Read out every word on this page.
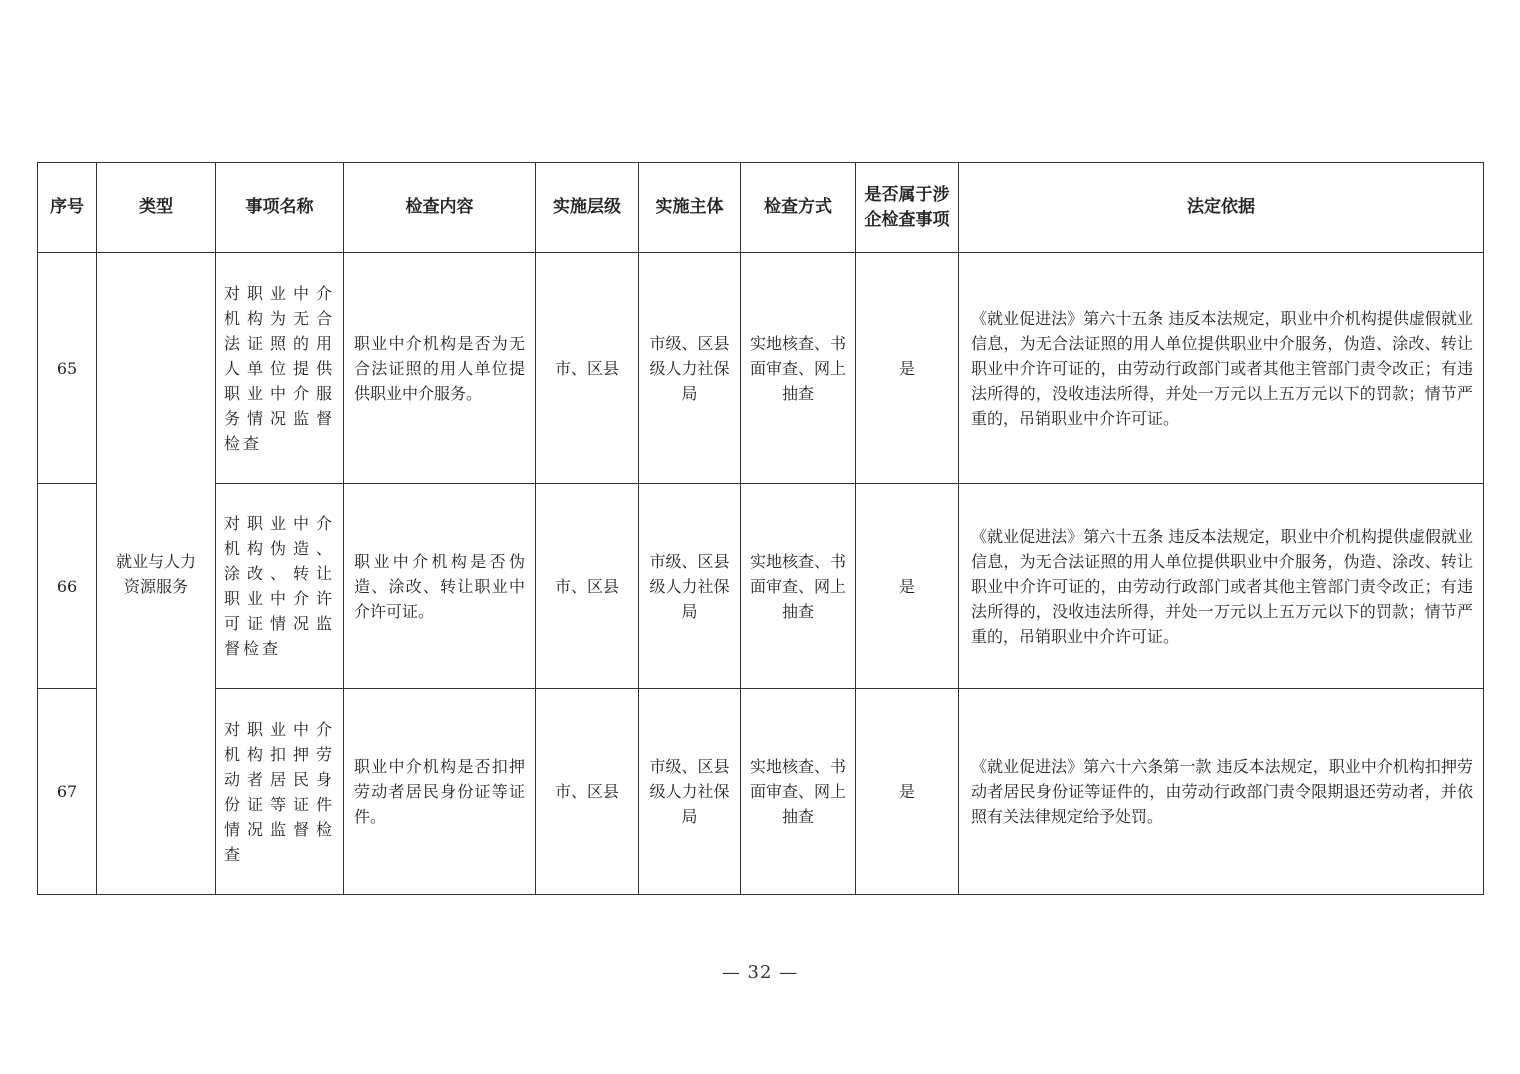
序号	类型	事项名称	检查内容	实施层级	实施主体	检查方式	是否属于涉企检查事项	法定依据
65	就业与人力资源服务	对职业中介机构为无合法证照的用人单位提供职业中介服务情况监督检查	职业中介机构是否为无合法证照的用人单位提供职业中介服务。	市、区县	市级、区县级人力社保局	实地核查、书面审查、网上抽查	是	《就业促进法》第六十五条 违反本法规定，职业中介机构提供虚假就业信息，为无合法证照的用人单位提供职业中介服务，伪造、涂改、转让职业中介许可证的，由劳动行政部门或者其他主管部门责令改正；有违法所得的，没收违法所得，并处一万元以上五万元以下的罚款；情节严重的，吊销职业中介许可证。
66		对职业中介机构伪造、涂改、转让职业中介许可证情况监督检查	职业中介机构是否伪造、涂改、转让职业中介许可证。	市、区县	市级、区县级人力社保局	实地核查、书面审查、网上抽查	是	《就业促进法》第六十五条 违反本法规定，职业中介机构提供虚假就业信息，为无合法证照的用人单位提供职业中介服务，伪造、涂改、转让职业中介许可证的，由劳动行政部门或者其他主管部门责令改正；有违法所得的，没收违法所得，并处一万元以上五万元以下的罚款；情节严重的，吊销职业中介许可证。
67		对职业中介机构扣押劳动者居民身份证等证件情况监督检查	职业中介机构是否扣押劳动者居民身份证等证件。	市、区县	市级、区县级人力社保局	实地核查、书面审查、网上抽查	是	《就业促进法》第六十六条第一款 违反本法规定，职业中介机构扣押劳动者居民身份证等证件的，由劳动行政部门责令限期退还劳动者，并依照有关法律规定给予处罚。
— 32 —
